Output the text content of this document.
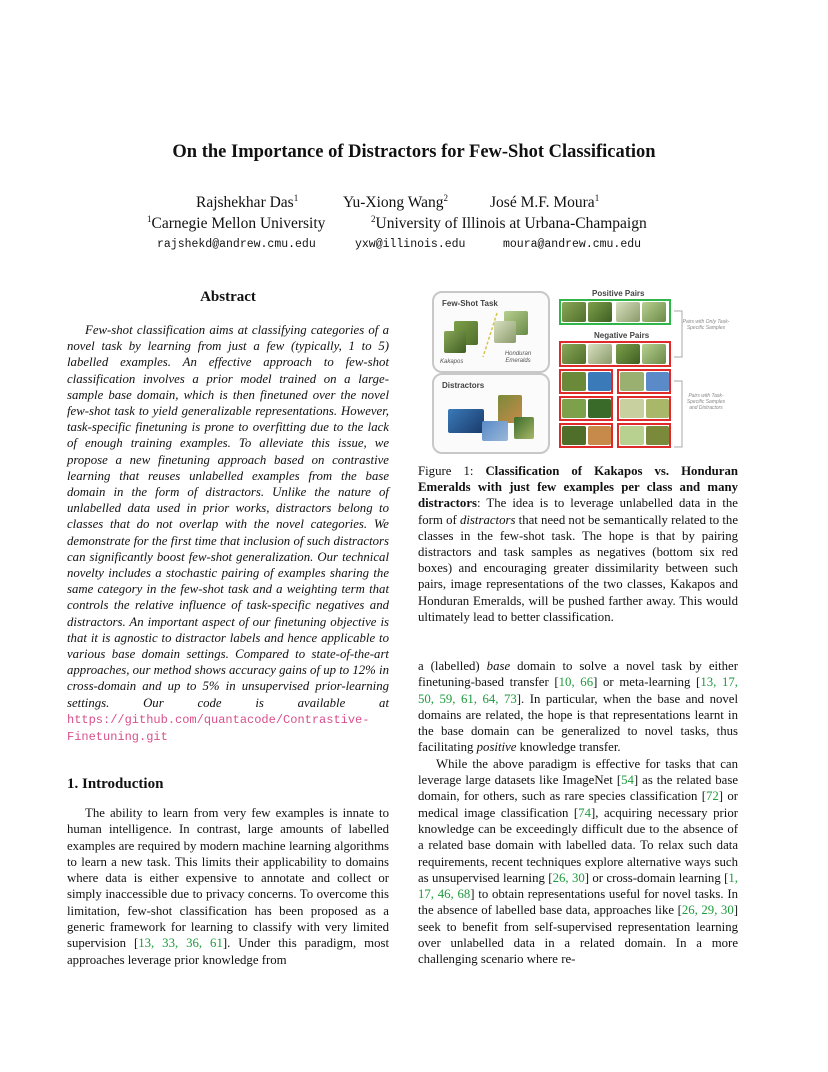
On the Importance of Distractors for Few-Shot Classification
Rajshekhar Das$^1$	Yu-Xiong Wang$^2$	José M.F. Moura$^1$
$^1$Carnegie Mellon University	$^2$University of Illinois at Urbana-Champaign
rajshekd@andrew.cmu.edu	yxw@illinois.edu	moura@andrew.cmu.edu
Abstract
Few-shot classification aims at classifying categories of a novel task by learning from just a few (typically, 1 to 5) labelled examples. An effective approach to few-shot classification involves a prior model trained on a large-sample base domain, which is then finetuned over the novel few-shot task to yield generalizable representations. However, task-specific finetuning is prone to overfitting due to the lack of enough training examples. To alleviate this issue, we propose a new finetuning approach based on contrastive learning that reuses unlabelled examples from the base domain in the form of distractors. Unlike the nature of unlabelled data used in prior works, distractors belong to classes that do not overlap with the novel categories. We demonstrate for the first time that inclusion of such distractors can significantly boost few-shot generalization. Our technical novelty includes a stochastic pairing of examples sharing the same category in the few-shot task and a weighting term that controls the relative influence of task-specific negatives and distractors. An important aspect of our finetuning objective is that it is agnostic to distractor labels and hence applicable to various base domain settings. Compared to state-of-the-art approaches, our method shows accuracy gains of up to 12% in cross-domain and up to 5% in unsupervised prior-learning settings. Our code is available at https://github.com/quantacode/Contrastive-Finetuning.git
1. Introduction
The ability to learn from very few examples is innate to human intelligence. In contrast, large amounts of labelled examples are required by modern machine learning algorithms to learn a new task. This limits their applicability to domains where data is either expensive to annotate and collect or simply inaccessible due to privacy concerns. To overcome this limitation, few-shot classification has been proposed as a generic framework for learning to classify with very limited supervision [13, 33, 36, 61]. Under this paradigm, most approaches leverage prior knowledge from
Few-Shot Task
Kakapos
Honduran Emeralds
Distractors
Positive Pairs
Negative Pairs
Pairs with Only Task-Specific Samples
Pairs with Task-Specific Samples and Distractors
Figure 1: Classification of Kakapos vs. Honduran Emeralds with just few examples per class and many distractors: The idea is to leverage unlabelled data in the form of distractors that need not be semantically related to the classes in the few-shot task. The hope is that by pairing distractors and task samples as negatives (bottom six red boxes) and encouraging greater dissimilarity between such pairs, image representations of the two classes, Kakapos and Honduran Emeralds, will be pushed farther away. This would ultimately lead to better classification.

a (labelled) base domain to solve a novel task by either finetuning-based transfer [10, 66] or meta-learning [13, 17, 50, 59, 61, 64, 73]. In particular, when the base and novel domains are related, the hope is that representations learnt in the base domain can be generalized to novel tasks, thus facilitating positive knowledge transfer.

While the above paradigm is effective for tasks that can leverage large datasets like ImageNet [54] as the related base domain, for others, such as rare species classification [72] or medical image classification [74], acquiring necessary prior knowledge can be exceedingly difficult due to the absence of a related base domain with labelled data. To relax such data requirements, recent techniques explore alternative ways such as unsupervised learning [26, 30] or cross-domain learning [1, 17, 46, 68] to obtain representations useful for novel tasks. In the absence of labelled base data, approaches like [26, 29, 30] seek to benefit from self-supervised representation learning over unlabelled data in a related domain. In a more challenging scenario where re-
